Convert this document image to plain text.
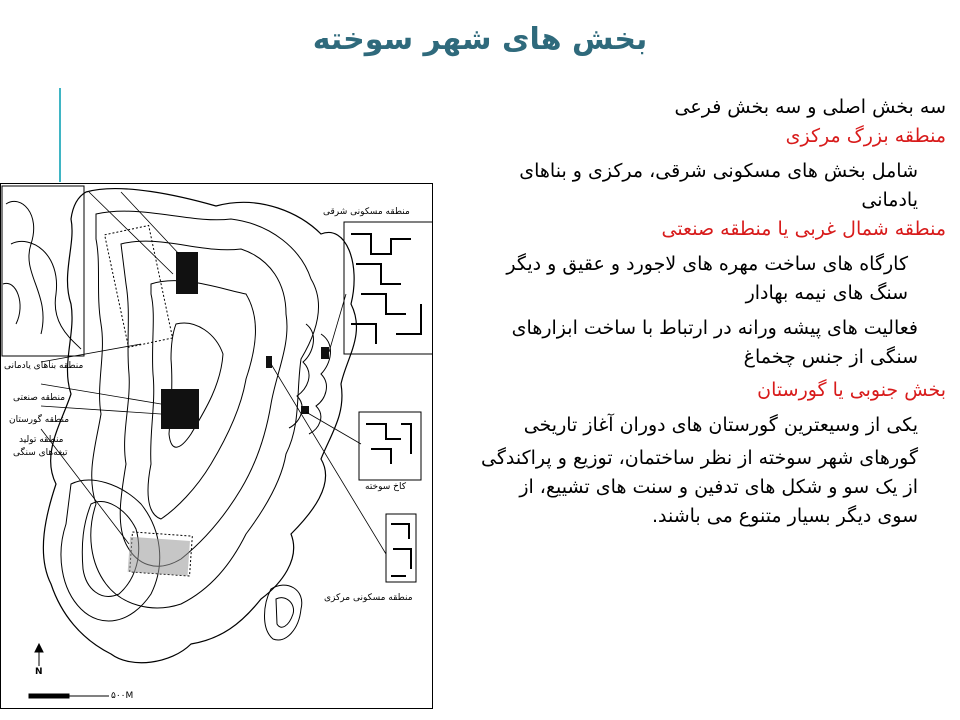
بخش های شهر سوخته
منطقه مسکونی شرقی
منطقه بناهای یادمانی
منطقه صنعتی
منطقه گورستان
منطقه تولید
تیغه‌های سنگی
کاخ سوخته
منطقه مسکونی مرکزی
N
۵۰۰M

سه بخش اصلی و سه بخش فرعی

منطقه بزرگ مرکزی

شامل بخش های مسکونی شرقی، مرکزی و بناهای یادمانی

منطقه شمال غربی یا منطقه صنعتی

کارگاه های ساخت مهره های لاجورد و عقیق و دیگر سنگ های نیمه بهادار

فعالیت های پیشه ورانه در ارتباط با ساخت ابزارهای سنگی از جنس چخماغ

بخش جنوبی یا گورستان

یکی از وسیعترین گورستان های دوران آغاز تاریخی

گورهای شهر سوخته از نظر ساختمان، توزیع و پراکندگی از یک سو و شکل های تدفین و سنت های تشییع، از سوی دیگر بسیار متنوع می باشند.
